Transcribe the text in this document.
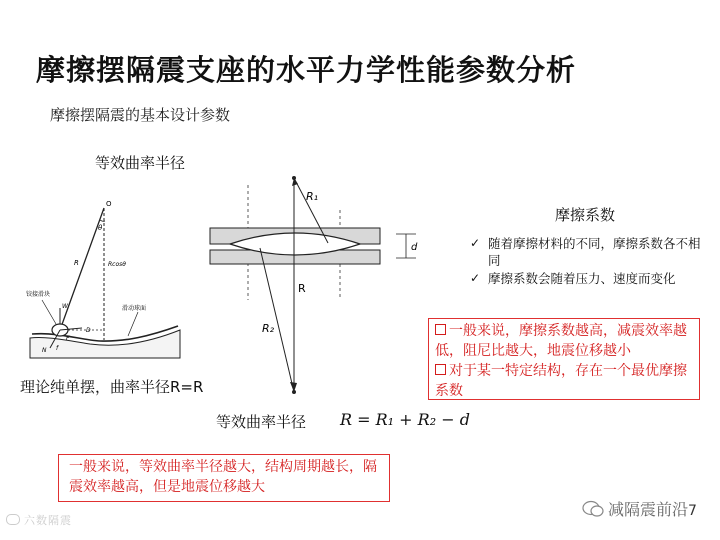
摩擦摆隔震支座的水平力学性能参数分析
摩擦摆隔震的基本设计参数
等效曲率半径
O
θ
R	Rcosθ
铰接滑块
滑动球面
W
D
F
N f
理论纯单摆，曲率半径R=R
d
R₁
R
R₂
等效曲率半径 R = R₁ + R₂ − d
摩擦系数
✓ 随着摩擦材料的不同，摩擦系数各不相同
✓ 摩擦系数会随着压力、速度而变化
一般来说，摩擦系数越高，减震效率越低，阻尼比越大，地震位移越小
对于某一特定结构，存在一个最优摩擦系数
一般来说，等效曲率半径越大，结构周期越长，隔震效率越高，但是地震位移越大
六数隔震
减隔震前沿 7
